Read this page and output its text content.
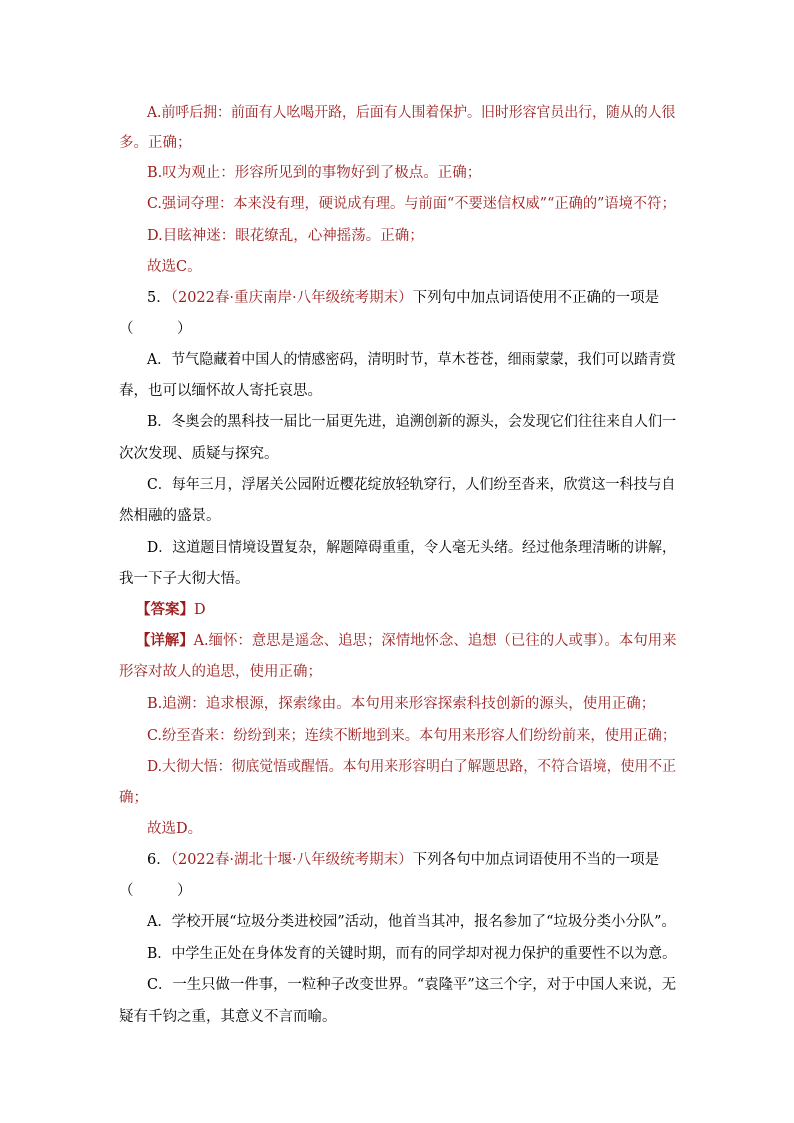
A.前呼后拥：前面有人吆喝开路，后面有人围着保护。旧时形容官员出行，随从的人很
多。正确；
B.叹为观止：形容所见到的事物好到了极点。正确；
C.强词夺理：本来没有理，硬说成有理。与前面“不要迷信权威”“正确的”语境不符；
D.目眩神迷：眼花缭乱，心神摇荡。正确；
故选C。
5．（2022春·重庆南岸·八年级统考期末）下列句中加点词语使用不正确的一项是
（　　　）
A．节气隐藏着中国人的情感密码，清明时节，草木苍苍，细雨蒙蒙，我们可以踏青赏
春，也可以缅怀故人寄托哀思。
B．冬奥会的黑科技一届比一届更先进，追溯创新的源头，会发现它们往往来自人们一
次次发现、质疑与探究。
C．每年三月，浮屠关公园附近樱花绽放轻轨穿行，人们纷至沓来，欣赏这一科技与自
然相融的盛景。
D．这道题目情境设置复杂，解题障碍重重，令人毫无头绪。经过他条理清晰的讲解，
我一下子大彻大悟。
【答案】D
【详解】A.缅怀：意思是遥念、追思；深情地怀念、追想（已往的人或事）。本句用来
形容对故人的追思，使用正确；
B.追溯：追求根源，探索缘由。本句用来形容探索科技创新的源头，使用正确；
C.纷至沓来：纷纷到来；连续不断地到来。本句用来形容人们纷纷前来，使用正确；
D.大彻大悟：彻底觉悟或醒悟。本句用来形容明白了解题思路，不符合语境，使用不正
确；
故选D。
6．（2022春·湖北十堰·八年级统考期末）下列各句中加点词语使用不当的一项是
（　　　）
A．学校开展“垃圾分类进校园”活动，他首当其冲，报名参加了“垃圾分类小分队”。
B．中学生正处在身体发育的关键时期，而有的同学却对视力保护的重要性不以为意。
C．一生只做一件事，一粒种子改变世界。“袁隆平”这三个字，对于中国人来说，无
疑有千钧之重，其意义不言而喻。
